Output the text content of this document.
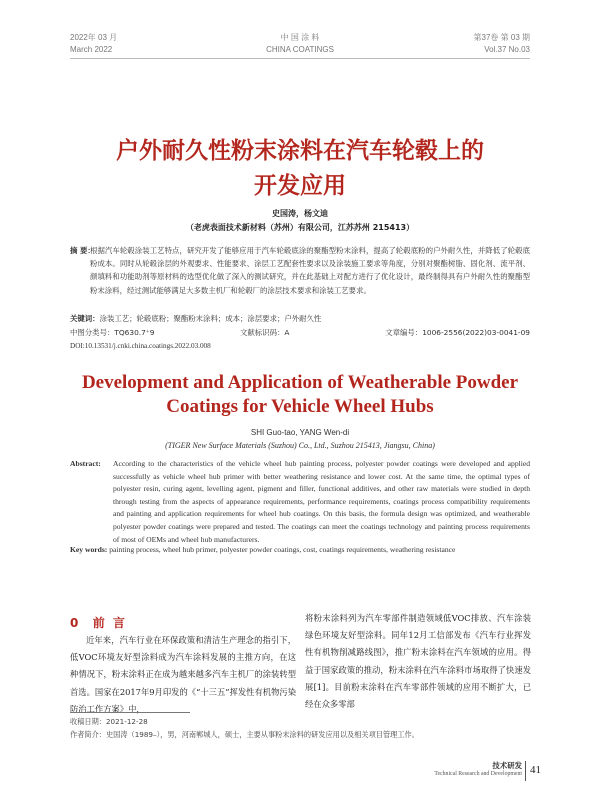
2022年 03 月
March 2022
中 国 涂 料
CHINA COATINGS
第37卷 第 03 期
Vol.37 No.03
户外耐久性粉末涂料在汽车轮毂上的
开发应用
史国涛，杨文迪
（老虎表面技术新材料（苏州）有限公司，江苏苏州 215413）
摘 要：
根据汽车轮毂涂装工艺特点，研究开发了能够应用于汽车轮毂底涂的聚酯型粉末涂料，提高了轮毂底粉的户外耐久性，并降低了轮毂底粉成本。同时从轮毂涂层的外观要求、性能要求、涂层工艺配套性要求以及涂装施工要求等角度，分别对聚酯树脂、固化剂、流平剂、颜填料和功能助剂等原材料的选型优化做了深入的测试研究，并在此基础上对配方进行了优化设计，最终制得具有户外耐久性的聚酯型粉末涂料，经过测试能够满足大多数主机厂和轮毂厂的涂层技术要求和涂装工艺要求。
关键词：涂装工艺；轮毂底粉；聚酯粉末涂料；成本；涂层要求；户外耐久性
中图分类号：TQ630.7⁺9	文献标识码：A	文章编号：1006-2556(2022)03-0041-09
DOI:10.13531/j.cnki.china.coatings.2022.03.008
Development and Application of Weatherable Powder
Coatings for Vehicle Wheel Hubs
SHI Guo-tao, YANG Wen-di
(TIGER New Surface Materials (Suzhou) Co., Ltd., Suzhou 215413, Jiangsu, China)
Abstract: According to the characteristics of the vehicle wheel hub painting process, polyester powder coatings were developed and applied successfully as vehicle wheel hub primer with better weathering resistance and lower cost. At the same time, the optimal types of polyester resin, curing agent, levelling agent, pigment and filler, functional additives, and other raw materials were studied in depth through testing from the aspects of appearance requirements, performance requirements, coatings process compatibility requirements and painting and application requirements for wheel hub coatings. On this basis, the formula design was optimized, and weatherable polyester powder coatings were prepared and tested. The coatings can meet the coatings technology and painting process requirements of most of OEMs and wheel hub manufacturers.
Key words: painting process, wheel hub primer, polyester powder coatings, cost, coatings requirements, weathering resistance
0 前 言
近年来，汽车行业在环保政策和清洁生产理念的指引下，低VOC环境友好型涂料成为汽车涂料发展的主推方向，在这种情况下，粉末涂料正在成为越来越多汽车主机厂的涂装转型首选。国家在2017年9月印发的《“十三五”挥发性有机物污染防治工作方案》中，
将粉末涂料列为汽车零部件制造领域低VOC排放、汽车涂装绿色环境友好型涂料。同年12月工信部发布《汽车行业挥发性有机物削减路线图》，推广粉末涂料在汽车领域的应用。得益于国家政策的推动，粉末涂料在汽车涂料市场取得了快速发展[1]。目前粉末涂料在汽车零部件领域的应用不断扩大，已经在众多零部
收稿日期：2021-12-28
作者简介：史国涛（1989–），男，河南郸城人，硕士，主要从事粉末涂料的研发应用以及相关项目管理工作。
技术研发
Technical Research and Development 41
